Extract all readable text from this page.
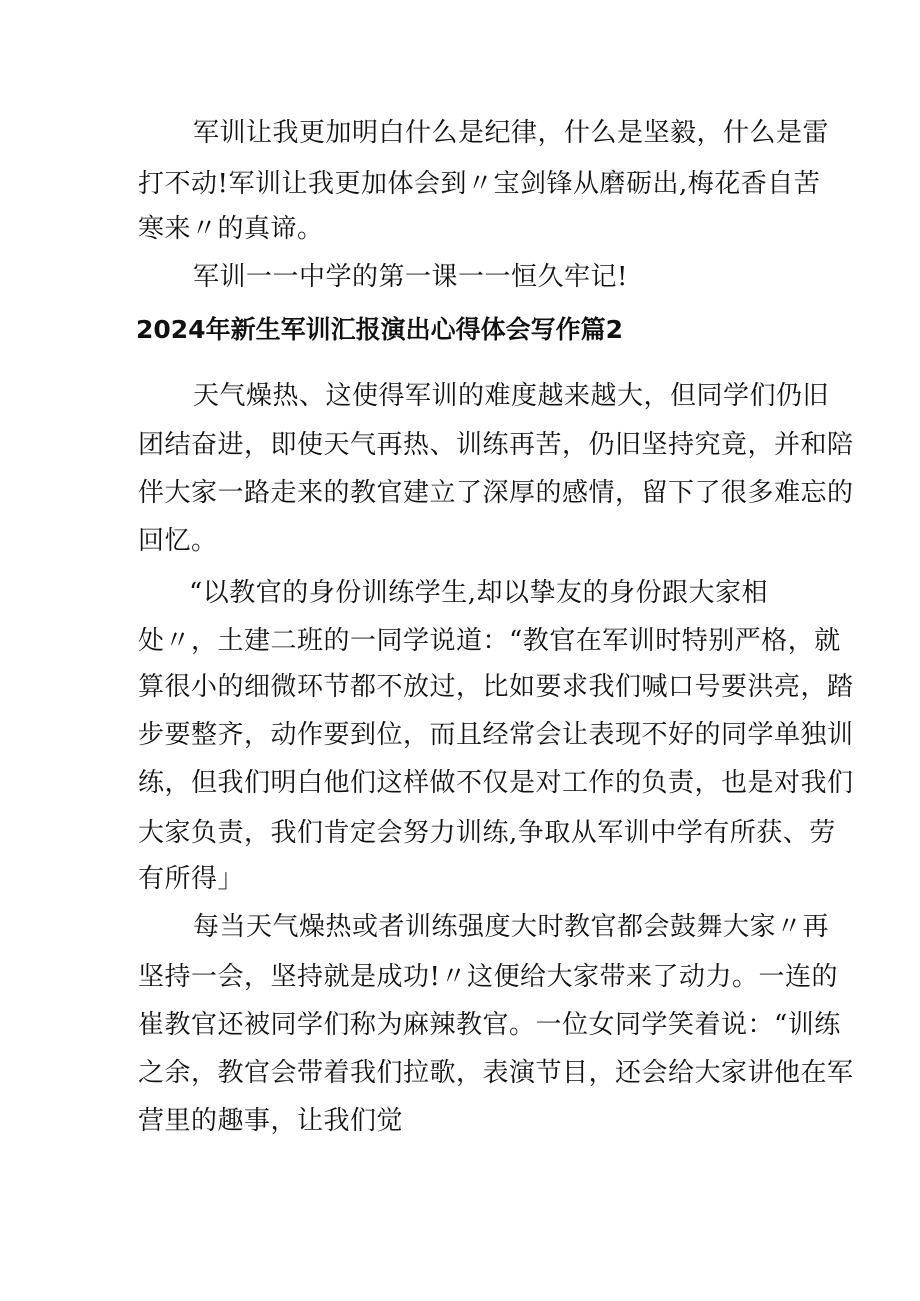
军训让我更加明白什么是纪律，什么是坚毅，什么是雷
打不动!军训让我更加体会到〃宝剑锋从磨砺出,梅花香自苦
寒来〃的真谛。
军训一一中学的第一课一一恒久牢记!
2024年新生军训汇报演出心得体会写作篇2
天气燥热、这使得军训的难度越来越大，但同学们仍旧
团结奋进，即使天气再热、训练再苦，仍旧坚持究竟，并和陪
伴大家一路走来的教官建立了深厚的感情，留下了很多难忘的
回忆。
“以教官的身份训练学生,却以挚友的身份跟大家相
处〃，土建二班的一同学说道：“教官在军训时特别严格，就
算很小的细微环节都不放过，比如要求我们喊口号要洪亮，踏
步要整齐，动作要到位，而且经常会让表现不好的同学单独训
练，但我们明白他们这样做不仅是对工作的负责，也是对我们
大家负责，我们肯定会努力训练,争取从军训中学有所获、劳
有所得」
每当天气燥热或者训练强度大时教官都会鼓舞大家〃再
坚持一会，坚持就是成功!〃这便给大家带来了动力。一连的
崔教官还被同学们称为麻辣教官。一位女同学笑着说：“训练
之余，教官会带着我们拉歌，表演节目，还会给大家讲他在军
营里的趣事，让我们觉
